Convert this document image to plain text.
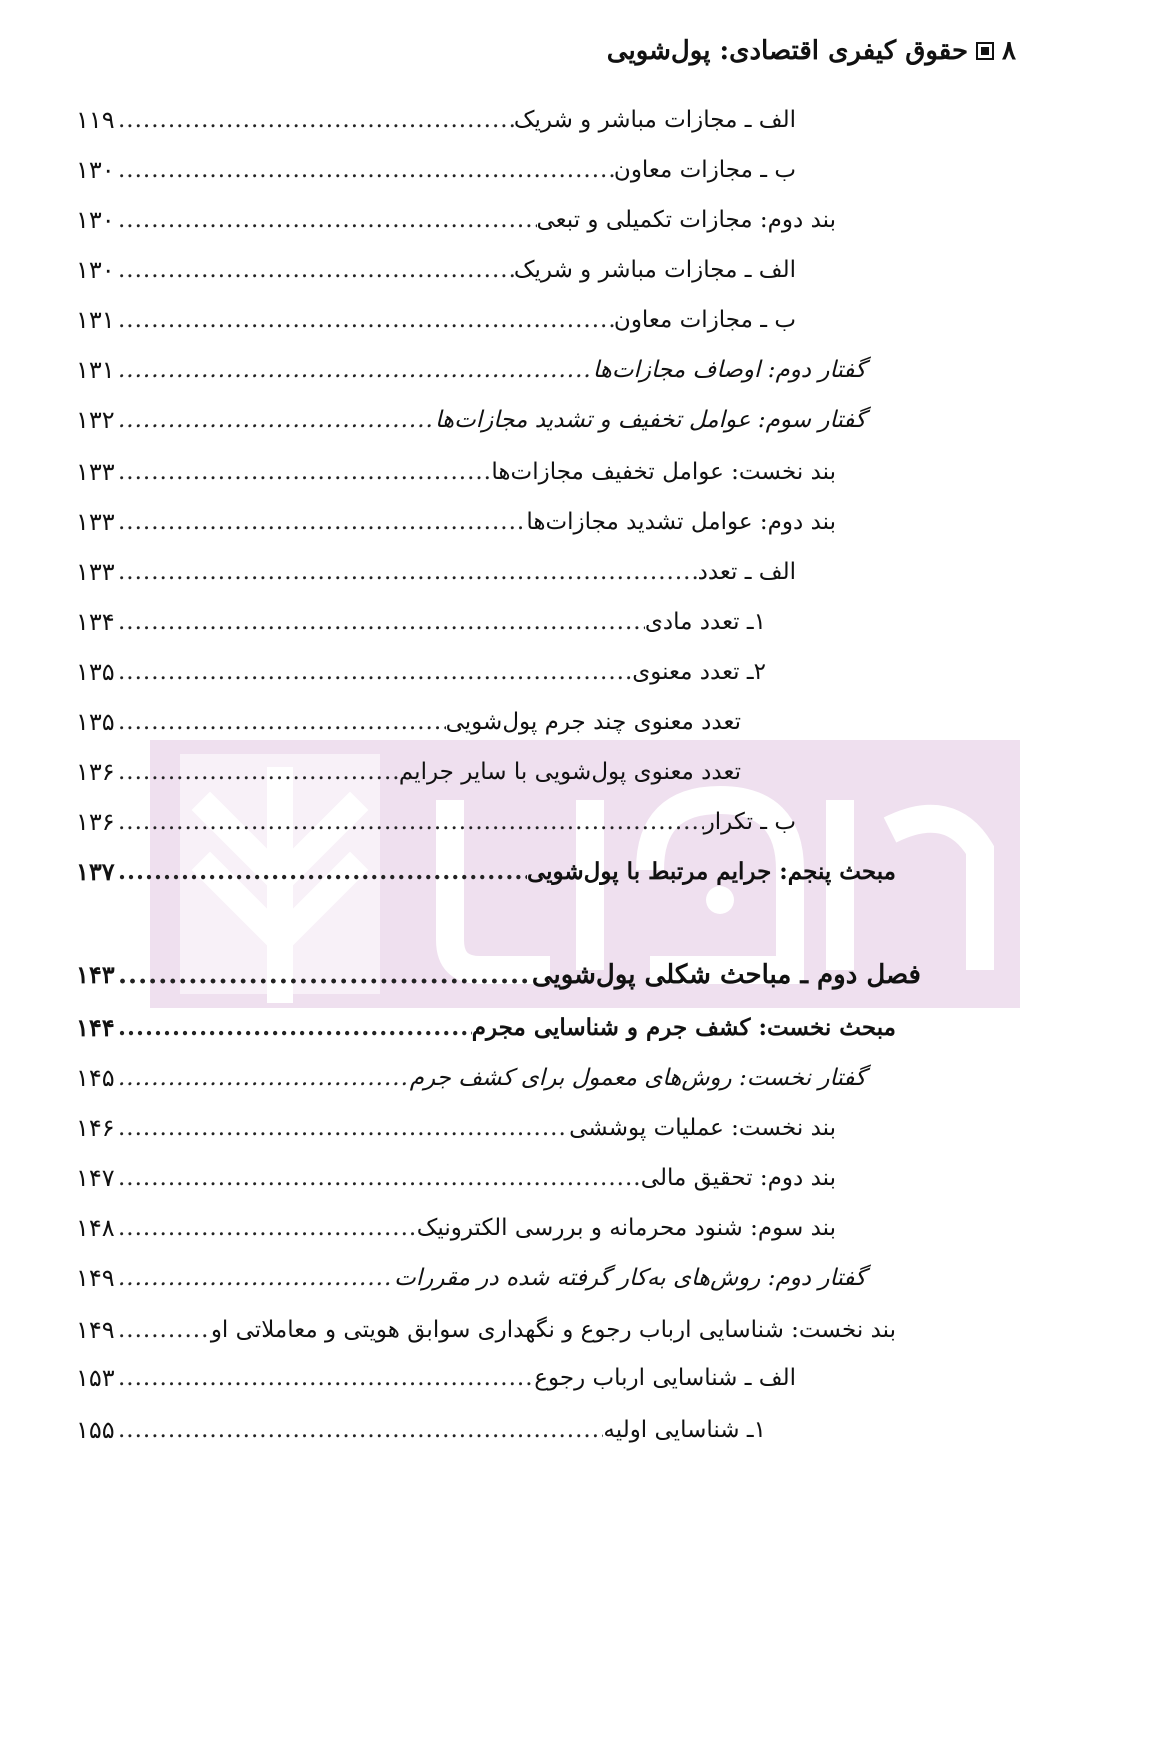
۸
حقوق کیفری اقتصادی: پول‌شویی
۱۱۹	الف ـ مجازات مباشر و شریک
.....
۱۳۰	ب ـ مجازات معاون
.....
۱۳۰	بند دوم: مجازات تکمیلی و تبعی
.....
۱۳۰	الف ـ مجازات مباشر و شریک
.....
۱۳۱	ب ـ مجازات معاون
.....
۱۳۱	گفتار دوم: اوصاف مجازات‌ها
.....
۱۳۲	گفتار سوم: عوامل تخفیف و تشدید مجازات‌ها
.....
۱۳۳	بند نخست: عوامل تخفیف مجازات‌ها
.....
۱۳۳	بند دوم: عوامل تشدید مجازات‌ها
.....
۱۳۳	الف ـ تعدد
.....
۱۳۴	۱ـ تعدد مادی
.....
۱۳۵	۲ـ تعدد معنوی
.....
۱۳۵	تعدد معنوی چند جرم پول‌شویی
.....
۱۳۶	تعدد معنوی پول‌شویی با سایر جرایم
.....
۱۳۶	ب ـ تکرار
.....
۱۳۷	مبحث پنجم: جرایم مرتبط با پول‌شویی
.....
۱۴۳	فصل دوم ـ مباحث شکلی پول‌شویی
.....
۱۴۴	مبحث نخست: کشف جرم و شناسایی مجرم
.....
۱۴۵	گفتار نخست: روش‌های معمول برای کشف جرم
.....
۱۴۶	بند نخست: عملیات پوششی
.....
۱۴۷	بند دوم: تحقیق مالی
.....
۱۴۸	بند سوم: شنود محرمانه و بررسی الکترونیک
.....
۱۴۹	گفتار دوم: روش‌های به‌کار گرفته شده در مقررات
.....
۱۴۹	بند نخست: شناسایی ارباب رجوع و نگهداری سوابق هویتی و معاملاتی او
.....
۱۵۳	الف ـ شناسایی ارباب رجوع
.....
۱۵۵	۱ـ شناسایی اولیه
.....
